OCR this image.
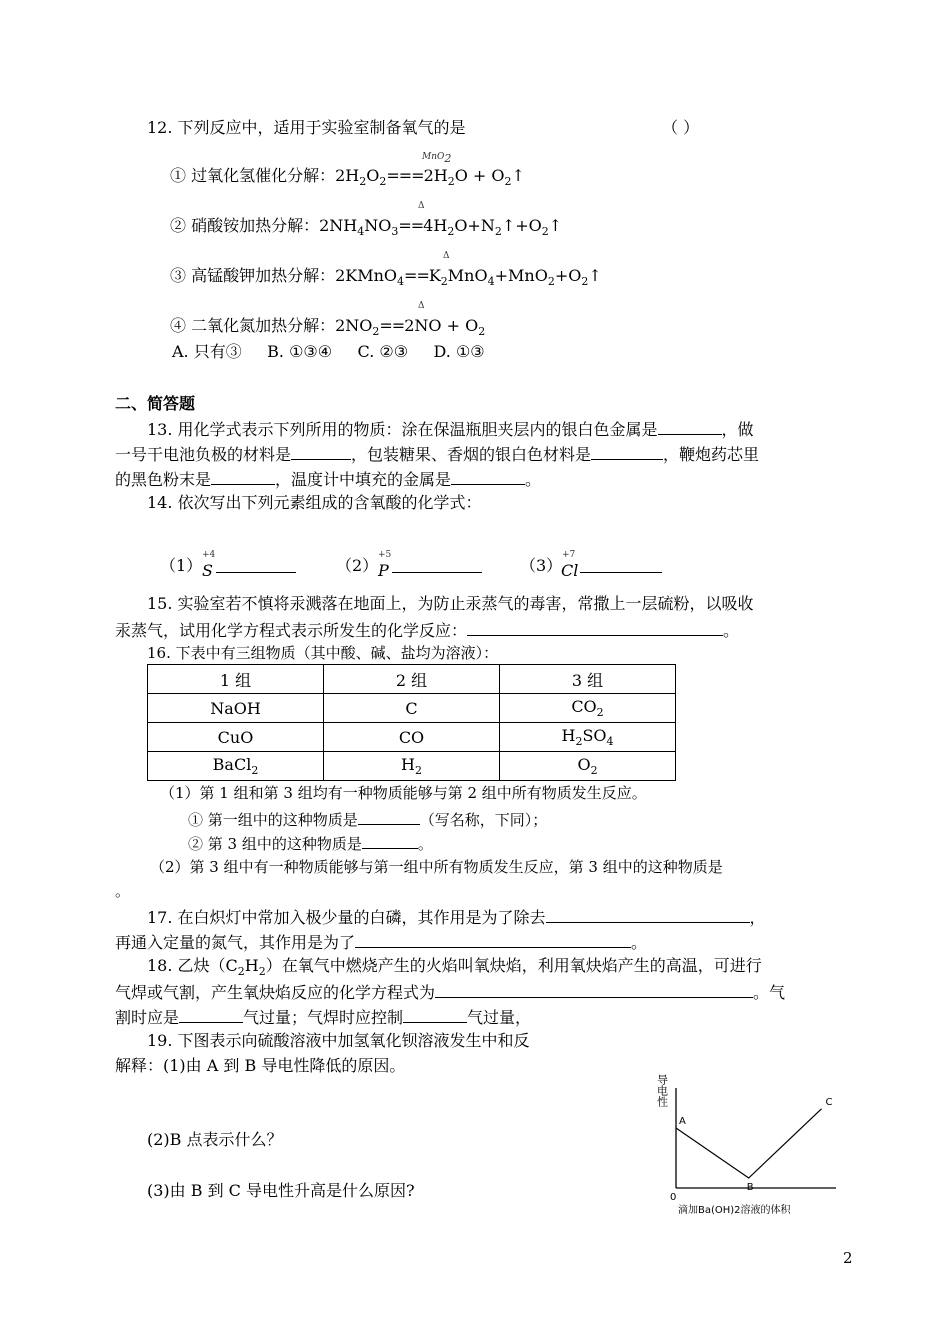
12. 下列反应中，适用于实验室制备氧气的是	（ ）
① 过氧化氢催化分解：$2H_2O_2===2H_2O$ + $O_2↑$
MnO$_2$
② 硝酸铵加热分解：$2NH_4NO_3==4H_2O+N_2↑+O_2↑$
Δ
③ 高锰酸钾加热分解：$2KMnO_4==K_2MnO_4+MnO_2+O_2↑$
Δ
④ 二氧化氮加热分解：$2NO_2==2NO + O_2$
Δ
A. 只有③     B. ①③④     C. ②③     D. ①③
二、简答题
13. 用化学式表示下列所用的物质：涂在保温瓶胆夹层内的银白色金属是	，做
一号干电池负极的材料是	，包装糖果、香烟的银白色材料是	，鞭炮药芯里
的黑色粉末是	，温度计中填充的金属是	。
14. 依次写出下列元素组成的含氧酸的化学式：
（1）
+4
S	（2）
+5
P	（3）
+7
Cl
15. 实验室若不慎将汞溅落在地面上，为防止汞蒸气的毒害，常撒上一层硫粉，以吸收
汞蒸气，试用化学方程式表示所发生的化学反应：	。
16. 下表中有三组物质（其中酸、碱、盐均为溶液）：
1 组	2 组	3 组
NaOH	C	$CO_2$
CuO	CO	$H_2SO_4$
BaCl$_2$	$H_2$	$O_2$
（1）第 1 组和第 3 组均有一种物质能够与第 2 组中所有物质发生反应。
① 第一组中的这种物质是	（写名称，下同）；
② 第 3 组中的这种物质是	。
（2）第 3 组中有一种物质能够与第一组中所有物质发生反应，第 3 组中的这种物质是
。
17. 在白炽灯中常加入极少量的白磷，其作用是为了除去	，
再通入定量的氮气，其作用是为了	。
18. 乙炔$(C_2H_2)$在氧气中燃烧产生的火焰叫氧炔焰，利用氧炔焰产生的高温，可进行
气焊或气割，产生氧炔焰反应的化学方程式为	。气
割时应是	气过量；气焊时应控制	气过量，
19. 下图表示向硫酸溶液中加氢氧化钡溶液发生中和反
解释：(1)由 A 到 B 导电性降低的原因。
(2)B 点表示什么？
(3)由 B 到 C 导电性升高是什么原因?
导电性
0
滴加Ba(OH)2溶液的体积
A
B
C
2
